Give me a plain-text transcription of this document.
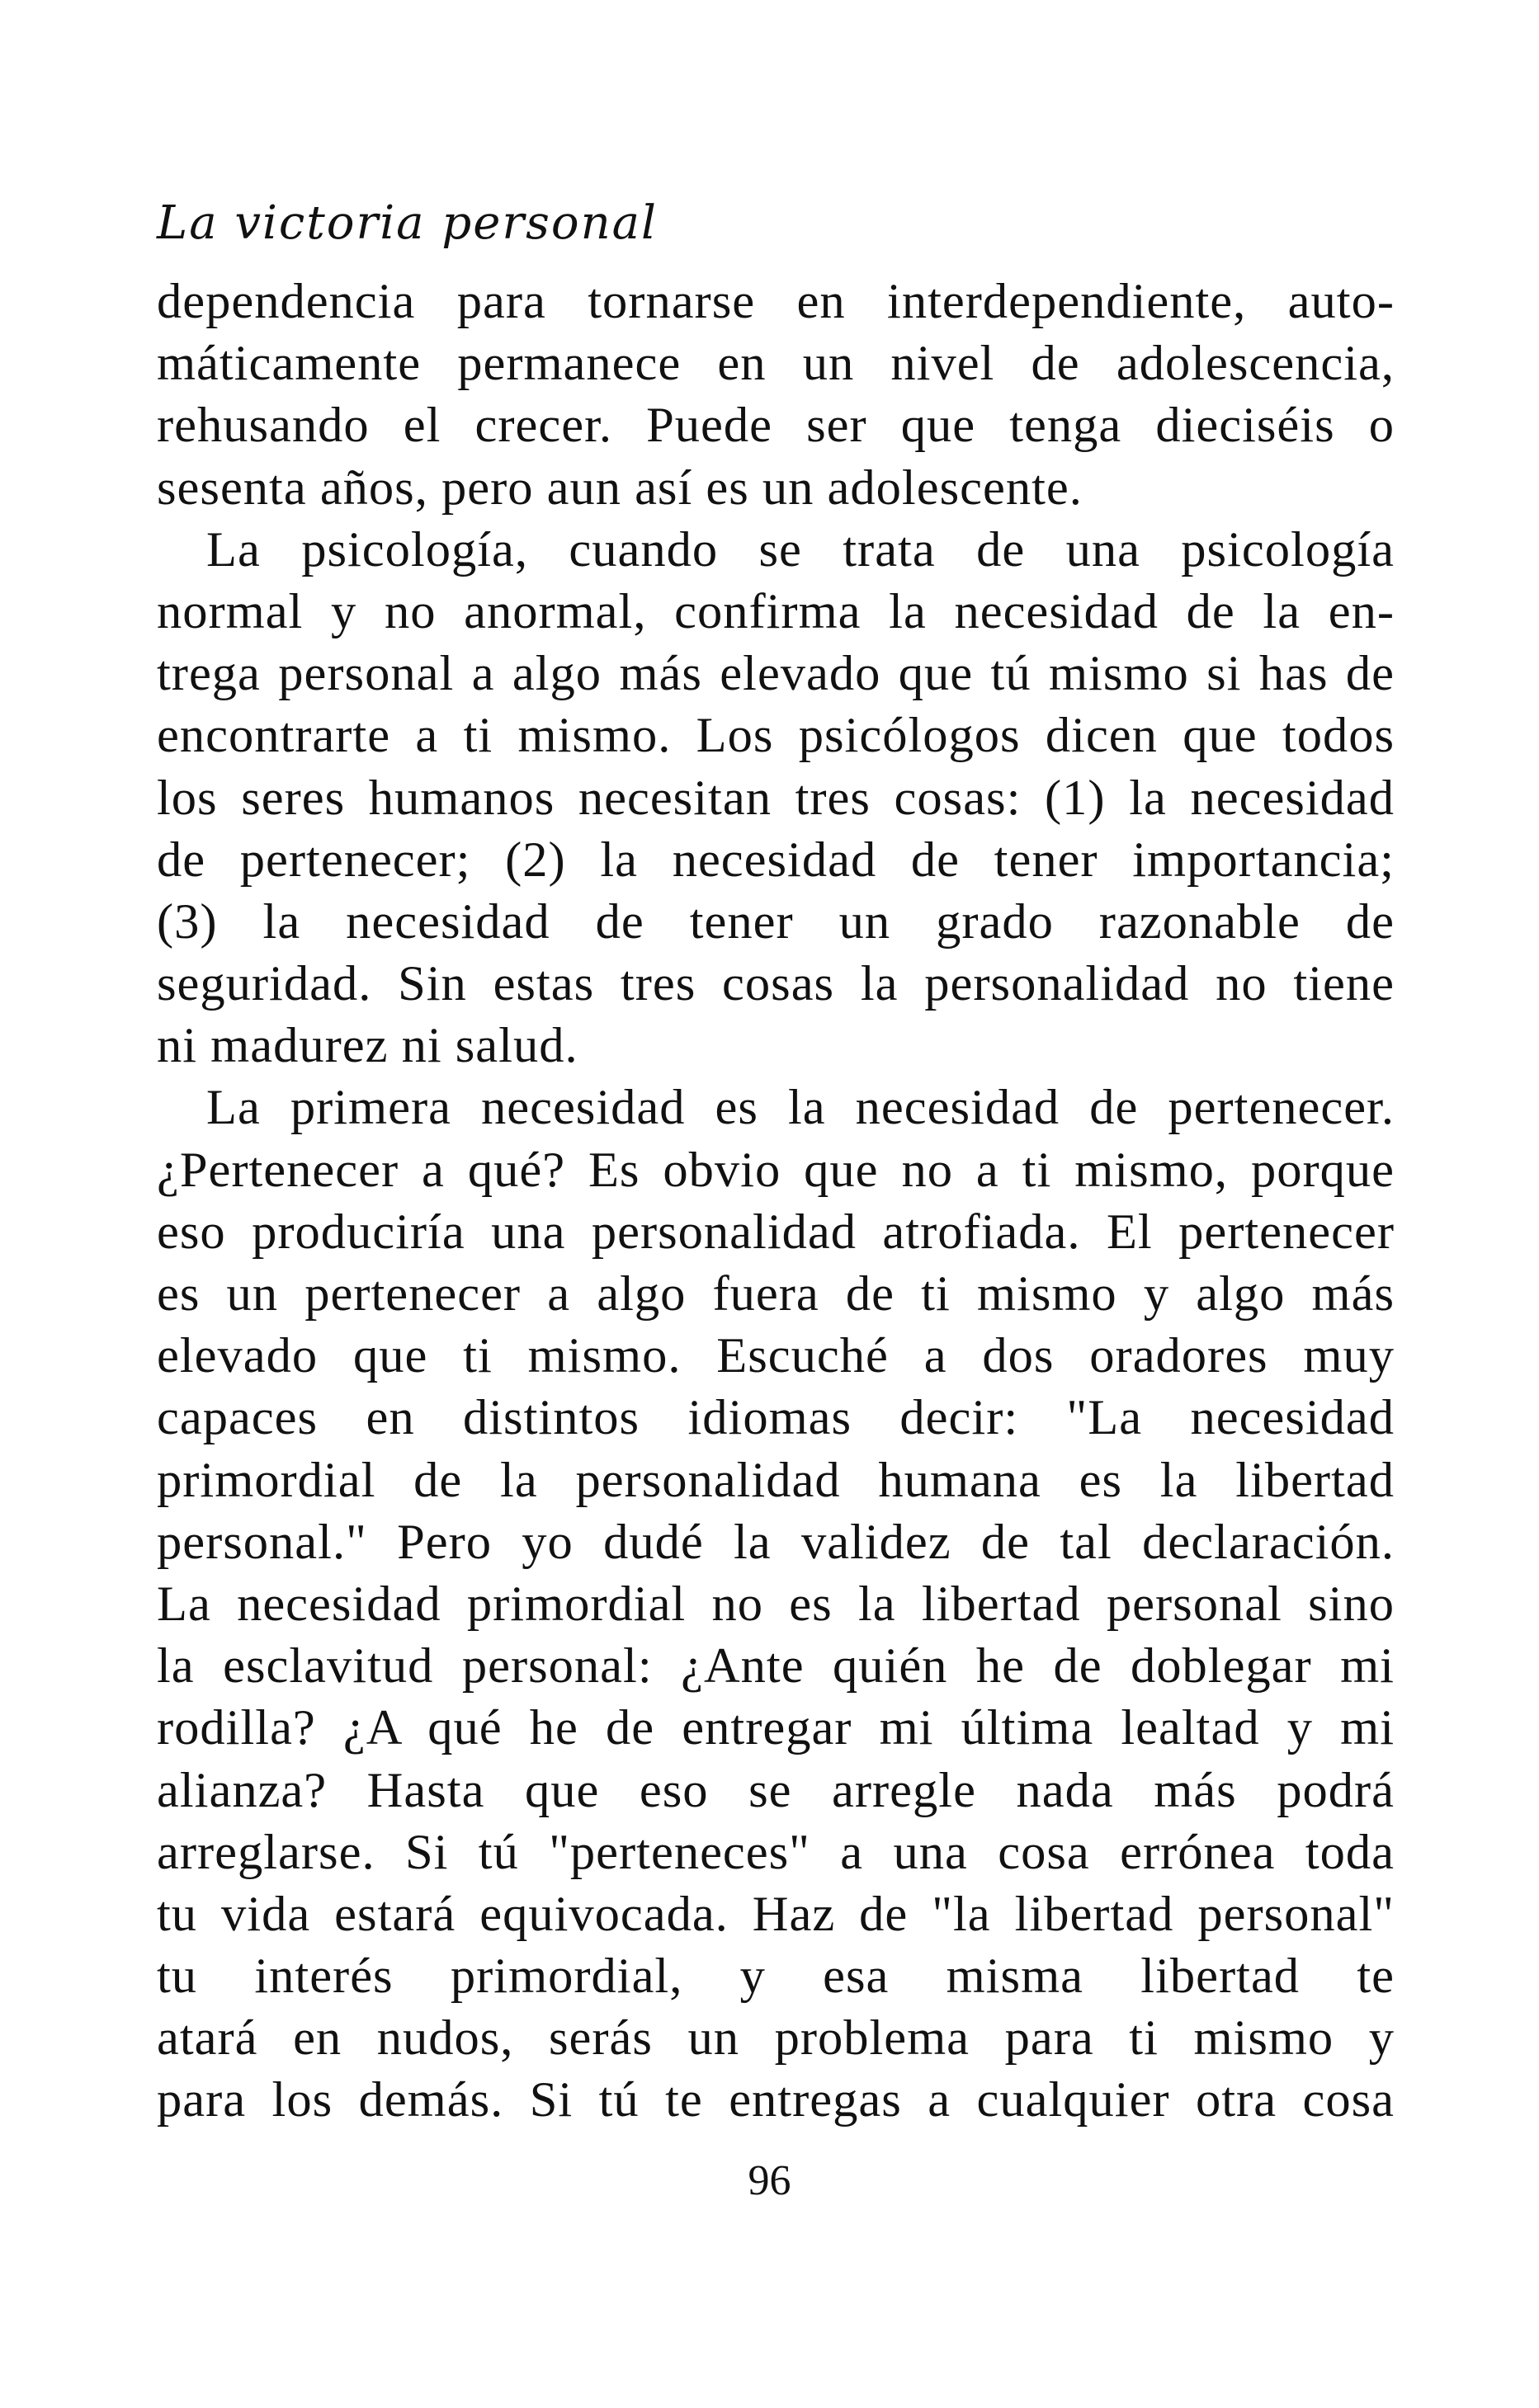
La victoria personal
dependencia para tornarse en interdependiente, auto-
máticamente permanece en un nivel de adolescencia,
rehusando el crecer. Puede ser que tenga dieciséis o
sesenta años, pero aun así es un adolescente.
La psicología, cuando se trata de una psicología
normal y no anormal, confirma la necesidad de la en-
trega personal a algo más elevado que tú mismo si has de
encontrarte a ti mismo. Los psicólogos dicen que todos
los seres humanos necesitan tres cosas: (1) la necesidad
de pertenecer; (2) la necesidad de tener importancia;
(3) la necesidad de tener un grado razonable de
seguridad. Sin estas tres cosas la personalidad no tiene
ni madurez ni salud.
La primera necesidad es la necesidad de pertenecer.
¿Pertenecer a qué? Es obvio que no a ti mismo, porque
eso produciría una personalidad atrofiada. El pertenecer
es un pertenecer a algo fuera de ti mismo y algo más
elevado que ti mismo. Escuché a dos oradores muy
capaces en distintos idiomas decir: "La necesidad
primordial de la personalidad humana es la libertad
personal." Pero yo dudé la validez de tal declaración.
La necesidad primordial no es la libertad personal sino
la esclavitud personal: ¿Ante quién he de doblegar mi
rodilla? ¿A qué he de entregar mi última lealtad y mi
alianza? Hasta que eso se arregle nada más podrá
arreglarse. Si tú "perteneces" a una cosa errónea toda
tu vida estará equivocada. Haz de "la libertad personal"
tu interés primordial, y esa misma libertad te
atará en nudos, serás un problema para ti mismo y
para los demás. Si tú te entregas a cualquier otra cosa
96
